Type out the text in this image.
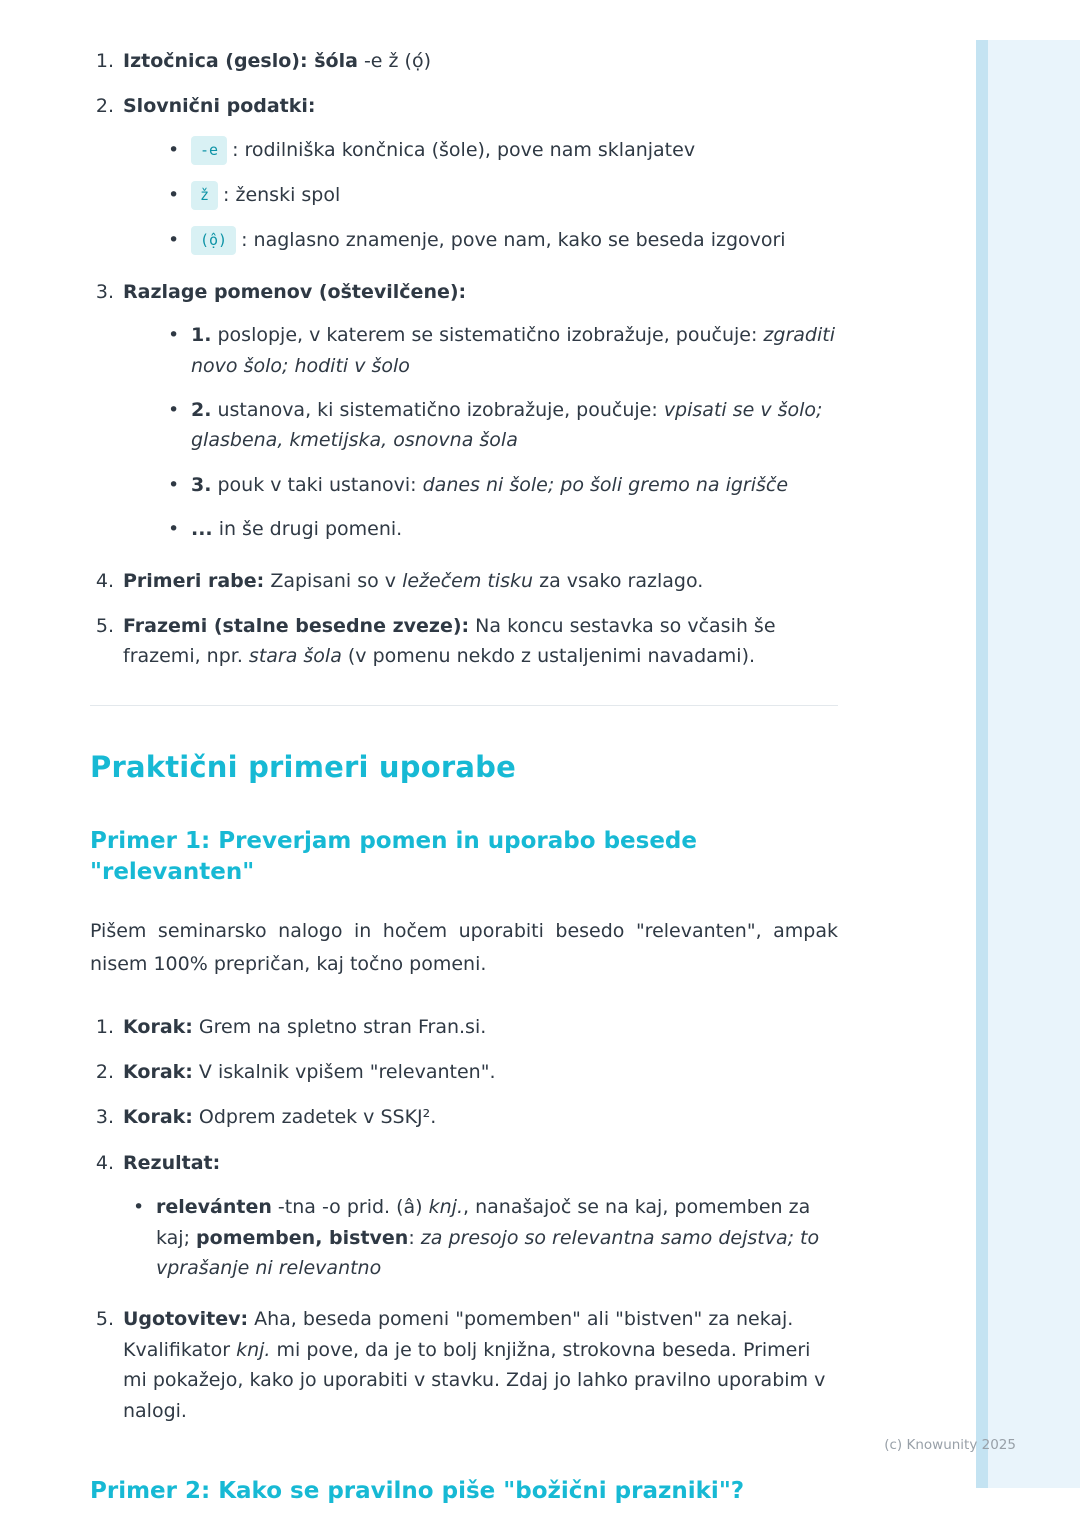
1. Iztočnica (geslo): šóla -e ž (ọ́)
2. Slovnični podatki:
•	-e : rodilniška končnica (šole), pove nam sklanjatev
•	ž : ženski spol
•	(ộ) : naglasno znamenje, pove nam, kako se beseda izgovori
3. Razlage pomenov (oštevilčene):
• 1. poslopje, v katerem se sistematično izobražuje, poučuje: zgraditi novo šolo; hoditi v šolo
• 2. ustanova, ki sistematično izobražuje, poučuje: vpisati se v šolo; glasbena, kmetijska, osnovna šola
• 3. pouk v taki ustanovi: danes ni šole; po šoli gremo na igrišče
• ... in še drugi pomeni.
4. Primeri rabe: Zapisani so v ležečem tisku za vsako razlago.
5. Frazemi (stalne besedne zveze): Na koncu sestavka so včasih še frazemi, npr. stara šola (v pomenu nekdo z ustaljenimi navadami).
Praktični primeri uporabe
Primer 1: Preverjam pomen in uporabo besede "relevanten"

Pišem seminarsko nalogo in hočem uporabiti besedo "relevanten", ampak nisem 100% prepričan, kaj točno pomeni.

1. Korak: Grem na spletno stran Fran.si.
2. Korak: V iskalnik vpišem "relevanten".
3. Korak: Odprem zadetek v SSKJ².
4. Rezultat:
• relevánten -tna -o prid. (â) knj., nanašajoč se na kaj, pomemben za kaj; pomemben, bistven: za presojo so relevantna samo dejstva; to vprašanje ni relevantno
5. Ugotovitev: Aha, beseda pomeni "pomemben" ali "bistven" za nekaj. Kvalifikator knj. mi pove, da je to bolj knjižna, strokovna beseda. Primeri mi pokažejo, kako jo uporabiti v stavku. Zdaj jo lahko pravilno uporabim v nalogi.
Primer 2: Kako se pravilno piše "božični prazniki"?
(c) Knowunity 2025
